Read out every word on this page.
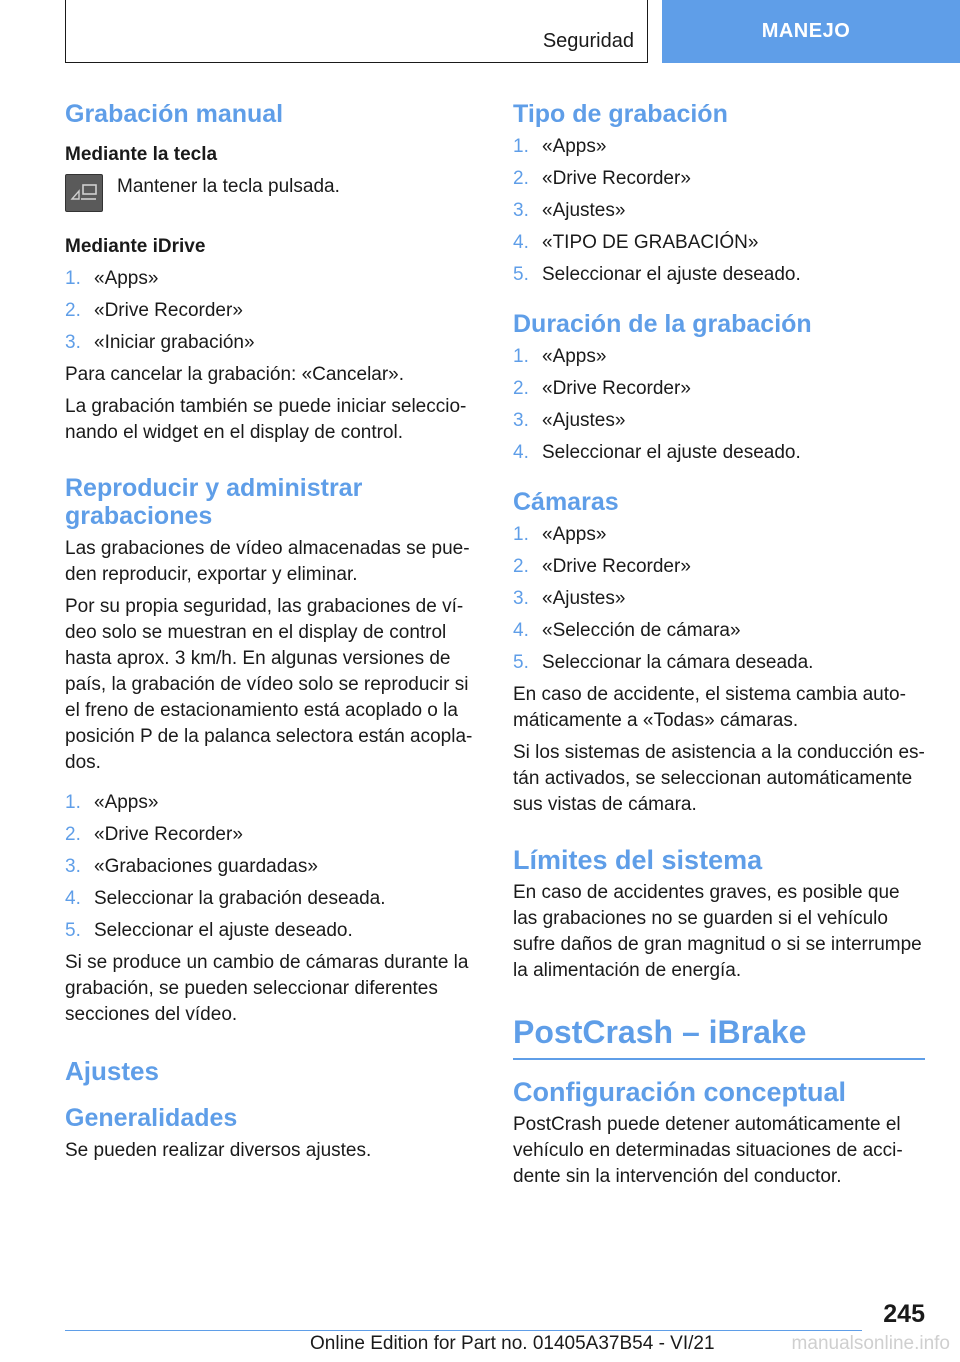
Seguridad	MANEJO
Grabación manual
Mediante la tecla
Mantener la tecla pulsada.
Mediante iDrive
1. «Apps»
2. «Drive Recorder»
3. «Iniciar grabación»

Para cancelar la grabación: «Cancelar».

La grabación también se puede iniciar seleccionando el widget en el display de control.

Reproducir y administrar grabaciones

Las grabaciones de vídeo almacenadas se pueden reproducir, exportar y eliminar.

Por su propia seguridad, las grabaciones de vídeo solo se muestran en el display de control hasta aprox. 3 km/h. En algunas versiones de país, la grabación de vídeo solo se reproducir si el freno de estacionamiento está acoplado o la posición P de la palanca selectora están acoplados.

1. «Apps»
2. «Drive Recorder»
3. «Grabaciones guardadas»
4. Seleccionar la grabación deseada.
5. Seleccionar el ajuste deseado.

Si se produce un cambio de cámaras durante la grabación, se pueden seleccionar diferentes secciones del vídeo.

Ajustes
Generalidades

Se pueden realizar diversos ajustes.

Tipo de grabación
1. «Apps»
2. «Drive Recorder»
3. «Ajustes»
4. «TIPO DE GRABACIÓN»
5. Seleccionar el ajuste deseado.
Duración de la grabación
1. «Apps»
2. «Drive Recorder»
3. «Ajustes»
4. Seleccionar el ajuste deseado.
Cámaras
1. «Apps»
2. «Drive Recorder»
3. «Ajustes»
4. «Selección de cámara»
5. Seleccionar la cámara deseada.

En caso de accidente, el sistema cambia automáticamente a «Todas» cámaras.

Si los sistemas de asistencia a la conducción están activados, se seleccionan automáticamente sus vistas de cámara.

Límites del sistema

En caso de accidentes graves, es posible que las grabaciones no se guarden si el vehículo sufre daños de gran magnitud o si se interrumpe la alimentación de energía.

PostCrash – iBrake
Configuración conceptual

PostCrash puede detener automáticamente el vehículo en determinadas situaciones de accidente sin la intervención del conductor.

245
Online Edition for Part no. 01405A37B54 - VI/21	manualsonline.info
